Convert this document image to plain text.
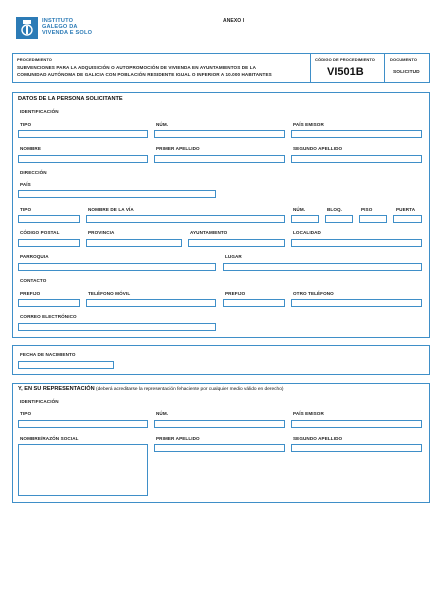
INSTITUTO
GALEGO DA
VIVENDA E SOLO
ANEXO I
PROCEDIMIENTO
SUBVENCIONES PARA LA ADQUISICIÓN O AUTOPROMOCIÓN DE VIVIENDA EN AYUNTAMIENTOS DE LA
COMUNIDAD AUTÓNOMA DE GALICIA CON POBLACIÓN RESIDENTE IGUAL O INFERIOR A 10.000 HABITANTES
CÓDIGO DE PROCEDIMIENTO
VI501B
DOCUMENTO
SOLICITUD
DATOS DE LA PERSONA SOLICITANTE
IDENTIFICACIÓN
TIPO	NÚM.	PAÍS EMISOR
NOMBRE	PRIMER APELLIDO	SEGUNDO APELLIDO
DIRECCIÓN
PAÍS
TIPO	NOMBRE DE LA VÍA	NÚM.	BLOQ.	PISO	PUERTA
CÓDIGO POSTAL	PROVINCIA	AYUNTAMIENTO	LOCALIDAD
PARROQUIA	LUGAR
CONTACTO
PREFIJO	TELÉFONO MÓVIL	PREFIJO	OTRO TELÉFONO
CORREO ELECTRÓNICO
FECHA DE NACIMIENTO
Y, EN SU REPRESENTACIÓN (deberá acreditarse la representación fehaciente por cualquier medio válido en derecho)
IDENTIFICACIÓN
TIPO	NÚM.	PAÍS EMISOR
NOMBRE/RAZÓN SOCIAL	PRIMER APELLIDO	SEGUNDO APELLIDO
